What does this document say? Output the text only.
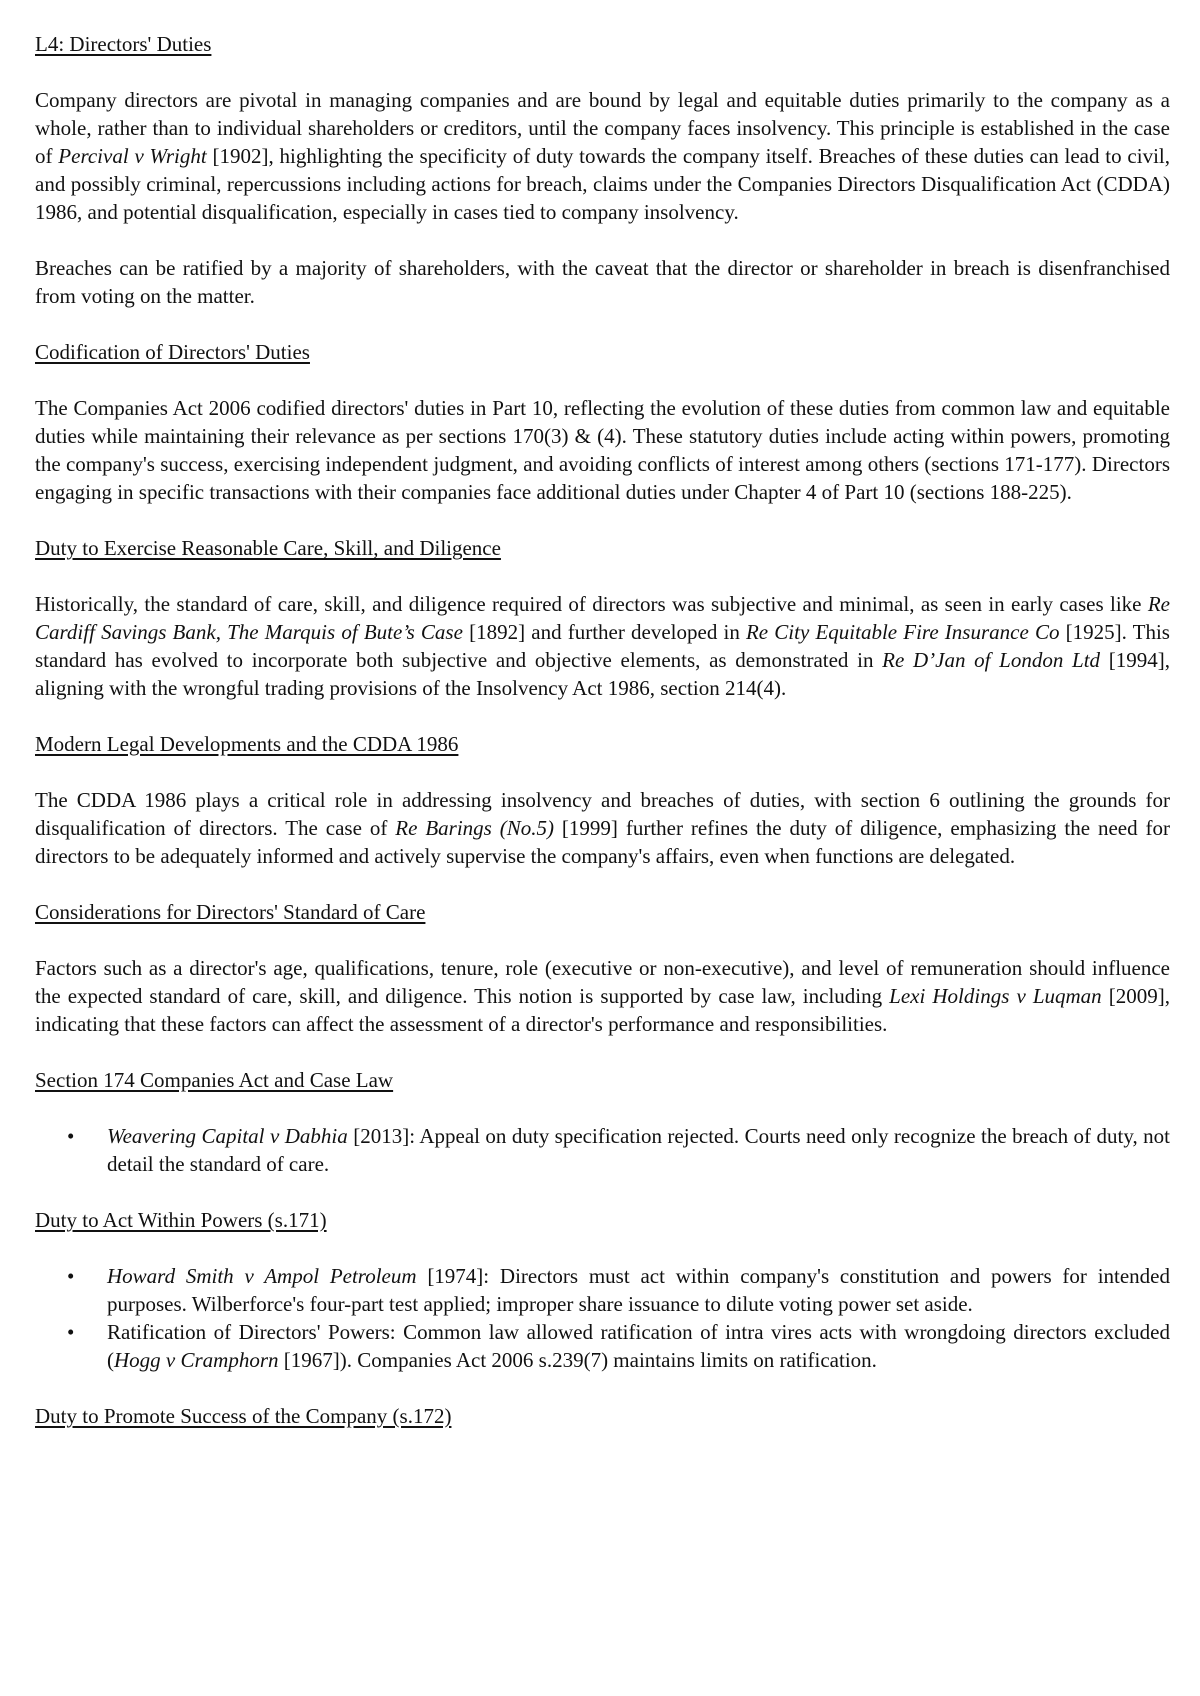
L4: Directors' Duties

Company directors are pivotal in managing companies and are bound by legal and equitable duties primarily to the company as a whole, rather than to individual shareholders or creditors, until the company faces insolvency. This principle is established in the case of Percival v Wright [1902], highlighting the specificity of duty towards the company itself. Breaches of these duties can lead to civil, and possibly criminal, repercussions including actions for breach, claims under the Companies Directors Disqualification Act (CDDA) 1986, and potential disqualification, especially in cases tied to company insolvency.

Breaches can be ratified by a majority of shareholders, with the caveat that the director or shareholder in breach is disenfranchised from voting on the matter.

Codification of Directors' Duties

The Companies Act 2006 codified directors' duties in Part 10, reflecting the evolution of these duties from common law and equitable duties while maintaining their relevance as per sections 170(3) & (4). These statutory duties include acting within powers, promoting the company's success, exercising independent judgment, and avoiding conflicts of interest among others (sections 171-177). Directors engaging in specific transactions with their companies face additional duties under Chapter 4 of Part 10 (sections 188-225).

Duty to Exercise Reasonable Care, Skill, and Diligence

Historically, the standard of care, skill, and diligence required of directors was subjective and minimal, as seen in early cases like Re Cardiff Savings Bank, The Marquis of Bute’s Case [1892] and further developed in Re City Equitable Fire Insurance Co [1925]. This standard has evolved to incorporate both subjective and objective elements, as demonstrated in Re D’Jan of London Ltd [1994], aligning with the wrongful trading provisions of the Insolvency Act 1986, section 214(4).

Modern Legal Developments and the CDDA 1986

The CDDA 1986 plays a critical role in addressing insolvency and breaches of duties, with section 6 outlining the grounds for disqualification of directors. The case of Re Barings (No.5) [1999] further refines the duty of diligence, emphasizing the need for directors to be adequately informed and actively supervise the company's affairs, even when functions are delegated.

Considerations for Directors' Standard of Care

Factors such as a director's age, qualifications, tenure, role (executive or non-executive), and level of remuneration should influence the expected standard of care, skill, and diligence. This notion is supported by case law, including Lexi Holdings v Luqman [2009], indicating that these factors can affect the assessment of a director's performance and responsibilities.

Section 174 Companies Act and Case Law
• Weavering Capital v Dabhia [2013]: Appeal on duty specification rejected. Courts need only recognize the breach of duty, not detail the standard of care.
Duty to Act Within Powers (s.171)
• Howard Smith v Ampol Petroleum [1974]: Directors must act within company's constitution and powers for intended purposes. Wilberforce's four-part test applied; improper share issuance to dilute voting power set aside.
• Ratification of Directors' Powers: Common law allowed ratification of intra vires acts with wrongdoing directors excluded (Hogg v Cramphorn [1967]). Companies Act 2006 s.239(7) maintains limits on ratification.
Duty to Promote Success of the Company (s.172)
